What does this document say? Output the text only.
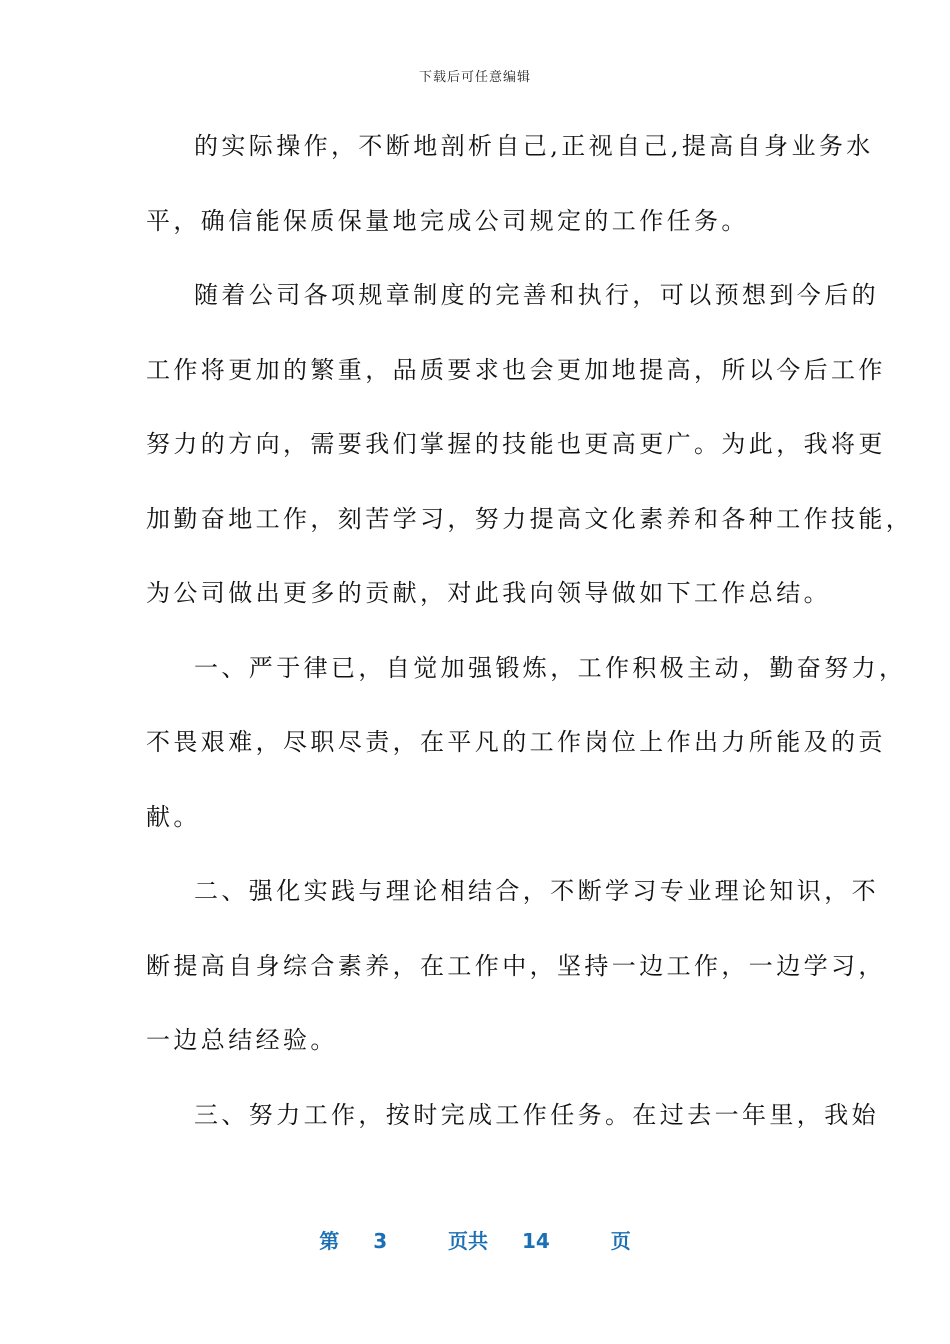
下载后可任意编辑
的实际操作，不断地剖析自己,正视自己,提高自身业务水
平，确信能保质保量地完成公司规定的工作任务。
随着公司各项规章制度的完善和执行，可以预想到今后的
工作将更加的繁重，品质要求也会更加地提高，所以今后工作
努力的方向，需要我们掌握的技能也更高更广。为此，我将更
加勤奋地工作，刻苦学习，努力提高文化素养和各种工作技能，
为公司做出更多的贡献，对此我向领导做如下工作总结。
一、严于律已，自觉加强锻炼，工作积极主动，勤奋努力，
不畏艰难，尽职尽责，在平凡的工作岗位上作出力所能及的贡
献。
二、强化实践与理论相结合，不断学习专业理论知识，不
断提高自身综合素养，在工作中，坚持一边工作，一边学习，
一边总结经验。
三、努力工作，按时完成工作任务。在过去一年里，我始
第 3	页共 14	页
